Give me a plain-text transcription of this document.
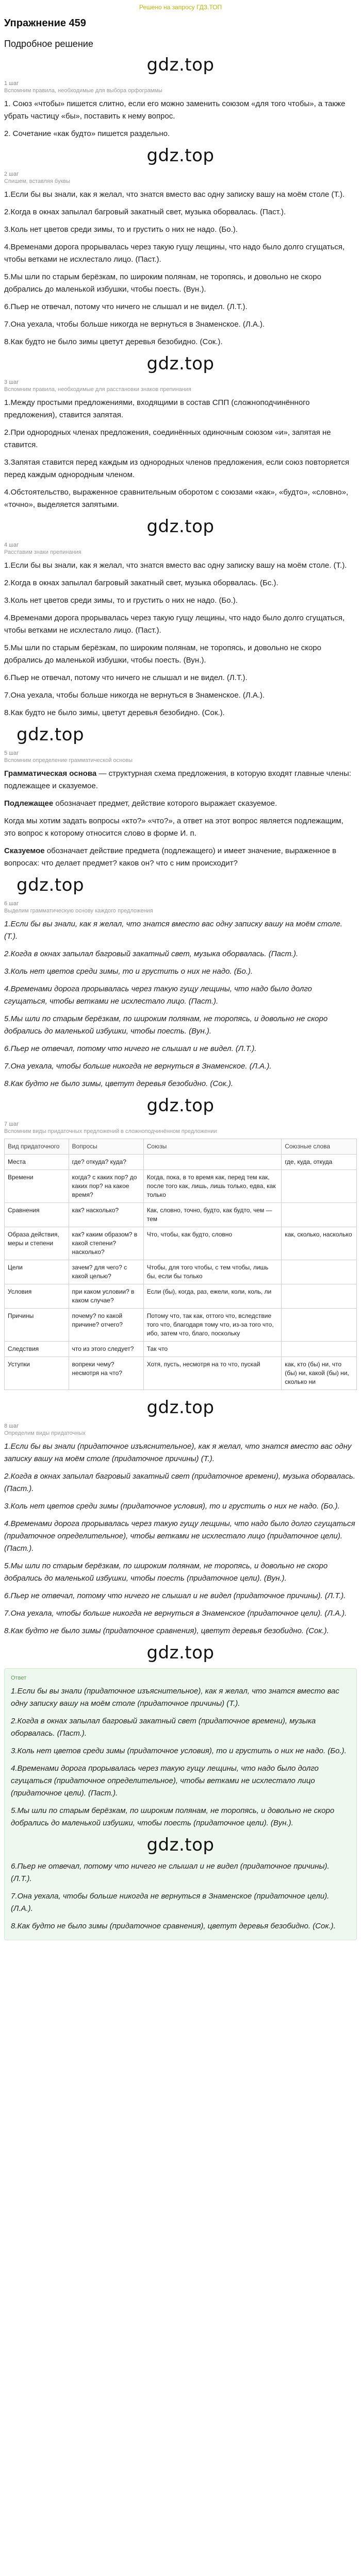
Решено на запросу ГДЗ.ТОП
Упражнение 459
Подробное решение
gdz.top
1 шаг
Вспомним правила, необходимые для выбора орфограммы

1. Союз «чтобы» пишется слитно, если его можно заменить союзом «для того чтобы», а также убрать частицу «бы», поставить к нему вопрос.

2. Сочетание «как будто» пишется раздельно.

gdz.top
2 шаг
Спишем, вставляя буквы

1.Если бы вы знали, как я желал, что знатся вместо вас одну записку вашу на моём столе (Т.).

2.Когда в окнах запылал багровый закатный свет, музыка оборвалась. (Паст.).

3.Коль нет цветов среди зимы, то и грустить о них не надо. (Бо.).

4.Временами дорога прорывалась через такую гущу лещины, что надо было долго сгущаться, чтобы ветками не исхлестало лицо. (Паст.).

5.Мы шли по старым берёзкам, по широким полянам, не торопясь, и довольно не скоро добрались до маленькой избушки, чтобы поесть. (Вун.).

6.Пьер не отвечал, потому что ничего не слышал и не видел. (Л.Т.).

7.Она уехала, чтобы больше никогда не вернуться в Знаменское. (Л.А.).

8.Как будто не было зимы цветут деревья безобидно. (Сок.).

gdz.top
3 шаг
Вспомним правила, необходимые для расстановки знаков препинания

1.Между простыми предложениями, входящими в состав СПП (сложноподчинённого предложения), ставится запятая.

2.При однородных членах предложения, соединённых одиночным союзом «и», запятая не ставится.

3.Запятая ставится перед каждым из однородных членов предложения, если союз повторяется перед каждым однородным членом.

4.Обстоятельство, выраженное сравнительным оборотом с союзами «как», «будто», «словно», «точно», выделяется запятыми.

gdz.top
4 шаг
Расставим знаки препинания

1.Если бы вы знали, как я желал, что знатся вместо вас одну записку вашу на моём столе. (Т.).

2.Когда в окнах запылал багровый закатный свет, музыка оборвалась. (Бс.).

3.Коль нет цветов среди зимы, то и грустить о них не надо. (Бо.).

4.Временами дорога прорывалась через такую гущу лещины, что надо было долго сгущаться, чтобы ветками не исхлестало лицо. (Паст.).

5.Мы шли по старым берёзкам, по широким полянам, не торопясь, и довольно не скоро добрались до маленькой избушки, чтобы поесть. (Вун.).

6.Пьер не отвечал, потому что ничего не слышал и не видел. (Л.Т.).

7.Она уехала, чтобы больше никогда не вернуться в Знаменское. (Л.А.).

8.Как будто не было зимы, цветут деревья безобидно. (Сок.).

gdz.top
5 шаг
Вспомним определение грамматической основы

Грамматическая основа — структурная схема предложения, в которую входят главные члены: подлежащее и сказуемое.

Подлежащее обозначает предмет, действие которого выражает сказуемое.

Когда мы хотим задать вопросы «кто?» «что?», а ответ на этот вопрос является подлежащим, это вопрос к которому относится слово в форме И. п.

Сказуемое обозначает действие предмета (подлежащего) и имеет значение, выраженное в вопросах: что делает предмет? каков он? что с ним происходит?

gdz.top
6 шаг
Выделим грамматическую основу каждого предложения

1.Если бы вы знали, как я желал, что знатся вместо вас одну записку вашу на моём столе. (Т.).

2.Когда в окнах запылал багровый закатный свет, музыка оборвалась. (Паст.).

3.Коль нет цветов среди зимы, то и грустить о них не надо. (Бо.).

4.Временами дорога прорывалась через такую гущу лещины, что надо было долго сгущаться, чтобы ветками не исхлестало лицо. (Паст.).

5.Мы шли по старым берёзкам, по широким полянам, не торопясь, и довольно не скоро добрались до маленькой избушки, чтобы поесть. (Вун.).

6.Пьер не отвечал, потому что ничего не слышал и не видел. (Л.Т.).

7.Она уехала, чтобы больше никогда не вернуться в Знаменское. (Л.А.).

8.Как будто не было зимы, цветут деревья безобидно. (Сок.).

gdz.top
7 шаг
Вспомним виды придаточных предложений в сложноподчинённом предложении
Вид придаточного	Вопросы	Союзы	Союзные слова
Места	где? откуда? куда?		где, куда, откуда
Времени	когда? с каких пор? до каких пор? на какое время?	Когда, пока, в то время как, перед тем как, после того как, лишь, лишь только, едва, как только	
Сравнения	как? насколько?	Как, словно, точно, будто, как будто, чем — тем	
Образа действия, меры и степени	как? каким образом? в какой степени? насколько?	Что, чтобы, как будто, словно	как, сколько, насколько
Цели	зачем? для чего? с какой целью?	Чтобы, для того чтобы, с тем чтобы, лишь бы, если бы только	
Условия	при каком условии? в каком случае?	Если (бы), когда, раз, ежели, коли, коль, ли	
Причины	почему? по какой причине? отчего?	Потому что, так как, оттого что, вследствие того что, благодаря тому что, из-за того что, ибо, затем что, благо, поскольку	
Следствия	что из этого следует?	Так что	
Уступки	вопреки чему? несмотря на что?	Хотя, пусть, несмотря на то что, пускай	как, кто (бы) ни, что (бы) ни, какой (бы) ни, сколько ни
gdz.top
8 шаг
Определим виды придаточных

1.Если бы вы знали (придаточное изъяснительное), как я желал, что знатся вместо вас одну записку вашу на моём столе (придаточное причины) (Т.).

2.Когда в окнах запылал багровый закатный свет (придаточное времени), музыка оборвалась. (Паст.).

3.Коль нет цветов среди зимы (придаточное условия), то и грустить о них не надо. (Бо.).

4.Временами дорога прорывалась через такую гущу лещины, что надо было долго сгущаться (придаточное определительное), чтобы ветками не исхлестало лицо (придаточное цели). (Паст.).

5.Мы шли по старым берёзкам, по широким полянам, не торопясь, и довольно не скоро добрались до маленькой избушки, чтобы поесть (придаточное цели). (Вун.).

6.Пьер не отвечал, потому что ничего не слышал и не видел (придаточное причины). (Л.Т.).

7.Она уехала, чтобы больше никогда не вернуться в Знаменское (придаточное цели). (Л.А.).

8.Как будто не было зимы (придаточное сравнения), цветут деревья безобидно. (Сок.).

gdz.top
Ответ

1.Если бы вы знали (придаточное изъяснительное), как я желал, что знатся вместо вас одну записку вашу на моём столе (придаточное причины) (Т.).

2.Когда в окнах запылал багровый закатный свет (придаточное времени), музыка оборвалась. (Паст.).

3.Коль нет цветов среди зимы (придаточное условия), то и грустить о них не надо. (Бо.).

4.Временами дорога прорывалась через такую гущу лещины, что надо было долго сгущаться (придаточное определительное), чтобы ветками не исхлестало лицо (придаточное цели). (Паст.).

5.Мы шли по старым берёзкам, по широким полянам, не торопясь, и довольно не скоро добрались до маленькой избушки, чтобы поесть (придаточное цели). (Вун.).

gdz.top

6.Пьер не отвечал, потому что ничего не слышал и не видел (придаточное причины). (Л.Т.).

7.Она уехала, чтобы больше никогда не вернуться в Знаменское (придаточное цели). (Л.А.).

8.Как будто не было зимы (придаточное сравнения), цветут деревья безобидно. (Сок.).
